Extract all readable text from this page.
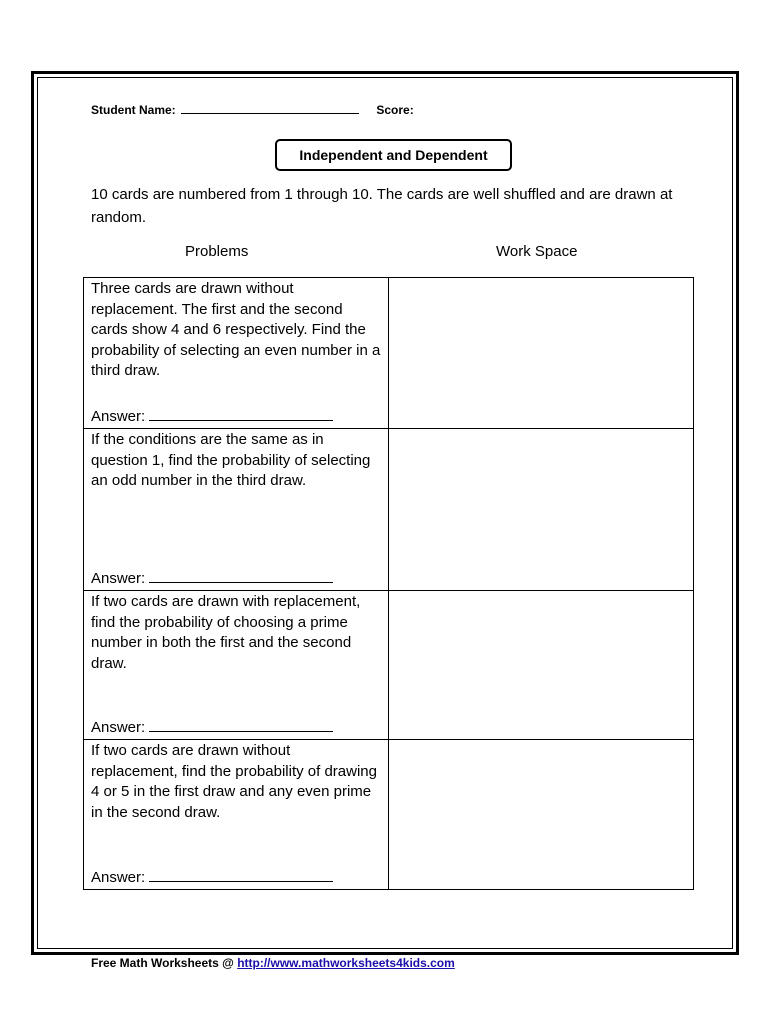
Student Name:	Score:
Independent and Dependent
10 cards are numbered from 1 through 10. The cards are well shuffled and are drawn at random.
Problems	Work Space
Three cards are drawn without replacement. The first and the second cards show 4 and 6 respectively. Find the probability of selecting an even number in a third draw.
Answer:	

If the conditions are the same as in question 1, find the probability of selecting an odd number in the third draw.
Answer:	

If two cards are drawn with replacement, find the probability of choosing a prime number in both the first and the second draw.
Answer:	

If two cards are drawn without replacement, find the probability of drawing 4 or 5 in the first draw and any even prime in the second draw.
Answer:	

Free Math Worksheets @ http://www.mathworksheets4kids.com
